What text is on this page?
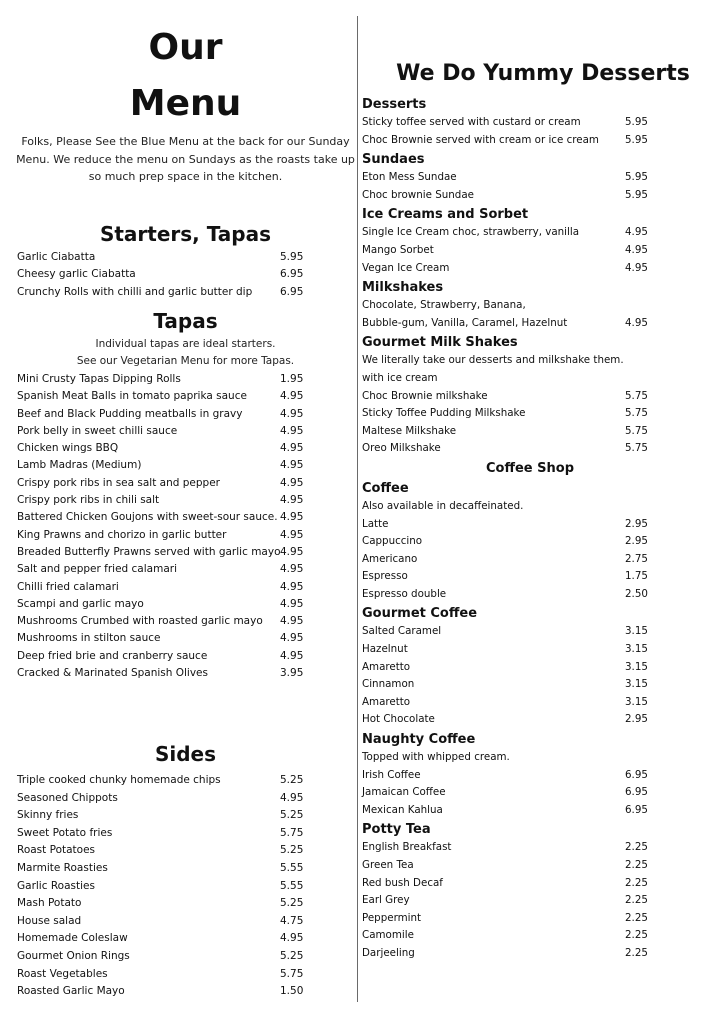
Our
Menu
Folks, Please See the Blue Menu at the back for our Sunday
Menu. We reduce the menu on Sundays as the roasts take up
so much prep space in the kitchen.
Starters, Tapas
Garlic Ciabatta	5.95
Cheesy garlic Ciabatta	6.95
Crunchy Rolls with chilli and garlic butter dip	6.95
Tapas
Individual tapas are ideal starters.
See our Vegetarian Menu for more Tapas.
Mini Crusty Tapas Dipping Rolls	1.95
Spanish Meat Balls in tomato paprika sauce	4.95
Beef and Black Pudding meatballs in gravy	4.95
Pork belly in sweet chilli sauce	4.95
Chicken wings BBQ	4.95
Lamb Madras (Medium)	4.95
Crispy pork ribs in sea salt and pepper	4.95
Crispy pork ribs in chili salt	4.95
Battered Chicken Goujons with sweet-sour sauce. 4.95
King Prawns and chorizo in garlic butter	4.95
Breaded Butterfly Prawns served with garlic mayo 4.95
Salt and pepper fried calamari	4.95
Chilli fried calamari	4.95
Scampi and garlic mayo	4.95
Mushrooms Crumbed with roasted garlic mayo 4.95
Mushrooms in stilton sauce	4.95
Deep fried brie and cranberry sauce	4.95
Cracked & Marinated Spanish Olives	3.95
Sides
Triple cooked chunky homemade chips	5.25
Seasoned Chippots	4.95
Skinny fries	5.25
Sweet Potato fries	5.75
Roast Potatoes	5.25
Marmite Roasties	5.55
Garlic Roasties	5.55
Mash Potato	5.25
House salad	4.75
Homemade Coleslaw	4.95
Gourmet Onion Rings	5.25
Roast Vegetables	5.75
Roasted Garlic Mayo	1.50
We Do Yummy Desserts
Desserts
Sticky toffee served with custard or cream	5.95
Choc Brownie served with cream or ice cream	5.95
Sundaes
Eton Mess Sundae	5.95
Choc brownie Sundae	5.95
Ice Creams and Sorbet
Single Ice Cream choc, strawberry, vanilla	4.95
Mango Sorbet	4.95
Vegan Ice Cream	4.95
Milkshakes
Chocolate, Strawberry, Banana,
Bubble-gum, Vanilla, Caramel, Hazelnut	4.95
Gourmet Milk Shakes
We literally take our desserts and milkshake them.
with ice cream
Choc Brownie milkshake	5.75
Sticky Toffee Pudding Milkshake	5.75
Maltese Milkshake	5.75
Oreo Milkshake	5.75
Coffee Shop
Coffee
Also available in decaffeinated.
Latte	2.95
Cappuccino	2.95
Americano	2.75
Espresso	1.75
Espresso double	2.50
Gourmet Coffee
Salted Caramel	3.15
Hazelnut	3.15
Amaretto	3.15
Cinnamon	3.15
Amaretto	3.15
Hot Chocolate	2.95
Naughty Coffee
Topped with whipped cream.
Irish Coffee	6.95
Jamaican Coffee	6.95
Mexican Kahlua	6.95
Potty Tea
English Breakfast	2.25
Green Tea	2.25
Red bush Decaf	2.25
Earl Grey	2.25
Peppermint	2.25
Camomile	2.25
Darjeeling	2.25
